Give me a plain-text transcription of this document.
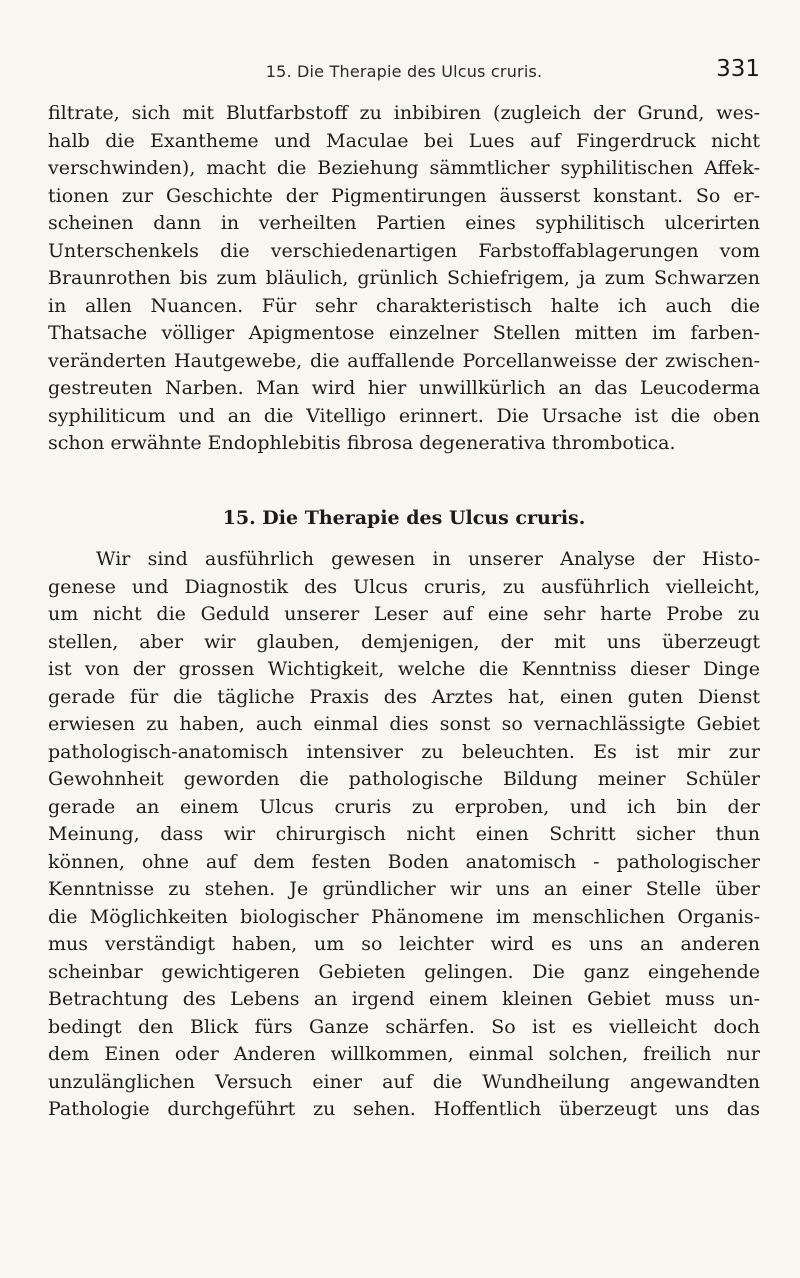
15. Die Therapie des Ulcus cruris.	331
filtrate, sich mit Blutfarbstoff zu inbibiren (zugleich der Grund, wes-
halb die Exantheme und Maculae bei Lues auf Fingerdruck nicht
verschwinden), macht die Beziehung sämmtlicher syphilitischen Affek-
tionen zur Geschichte der Pigmentirungen äusserst konstant. So er-
scheinen dann in verheilten Partien eines syphilitisch ulcerirten
Unterschenkels die verschiedenartigen Farbstoffablagerungen vom
Braunrothen bis zum bläulich, grünlich Schiefrigem, ja zum Schwarzen
in allen Nuancen. Für sehr charakteristisch halte ich auch die
Thatsache völliger Apigmentose einzelner Stellen mitten im farben-
veränderten Hautgewebe, die auffallende Porcellanweisse der zwischen-
gestreuten Narben. Man wird hier unwillkürlich an das Leucoderma
syphiliticum und an die Vitelligo erinnert. Die Ursache ist die oben
schon erwähnte Endophlebitis fibrosa degenerativa thrombotica.
15. Die Therapie des Ulcus cruris.
Wir sind ausführlich gewesen in unserer Analyse der Histo-
genese und Diagnostik des Ulcus cruris, zu ausführlich vielleicht,
um nicht die Geduld unserer Leser auf eine sehr harte Probe zu
stellen, aber wir glauben, demjenigen, der mit uns überzeugt
ist von der grossen Wichtigkeit, welche die Kenntniss dieser Dinge
gerade für die tägliche Praxis des Arztes hat, einen guten Dienst
erwiesen zu haben, auch einmal dies sonst so vernachlässigte Gebiet
pathologisch-anatomisch intensiver zu beleuchten. Es ist mir zur
Gewohnheit geworden die pathologische Bildung meiner Schüler
gerade an einem Ulcus cruris zu erproben, und ich bin der
Meinung, dass wir chirurgisch nicht einen Schritt sicher thun
können, ohne auf dem festen Boden anatomisch - pathologischer
Kenntnisse zu stehen. Je gründlicher wir uns an einer Stelle über
die Möglichkeiten biologischer Phänomene im menschlichen Organis-
mus verständigt haben, um so leichter wird es uns an anderen
scheinbar gewichtigeren Gebieten gelingen. Die ganz eingehende
Betrachtung des Lebens an irgend einem kleinen Gebiet muss un-
bedingt den Blick fürs Ganze schärfen. So ist es vielleicht doch
dem Einen oder Anderen willkommen, einmal solchen, freilich nur
unzulänglichen Versuch einer auf die Wundheilung angewandten
Pathologie durchgeführt zu sehen. Hoffentlich überzeugt uns das
